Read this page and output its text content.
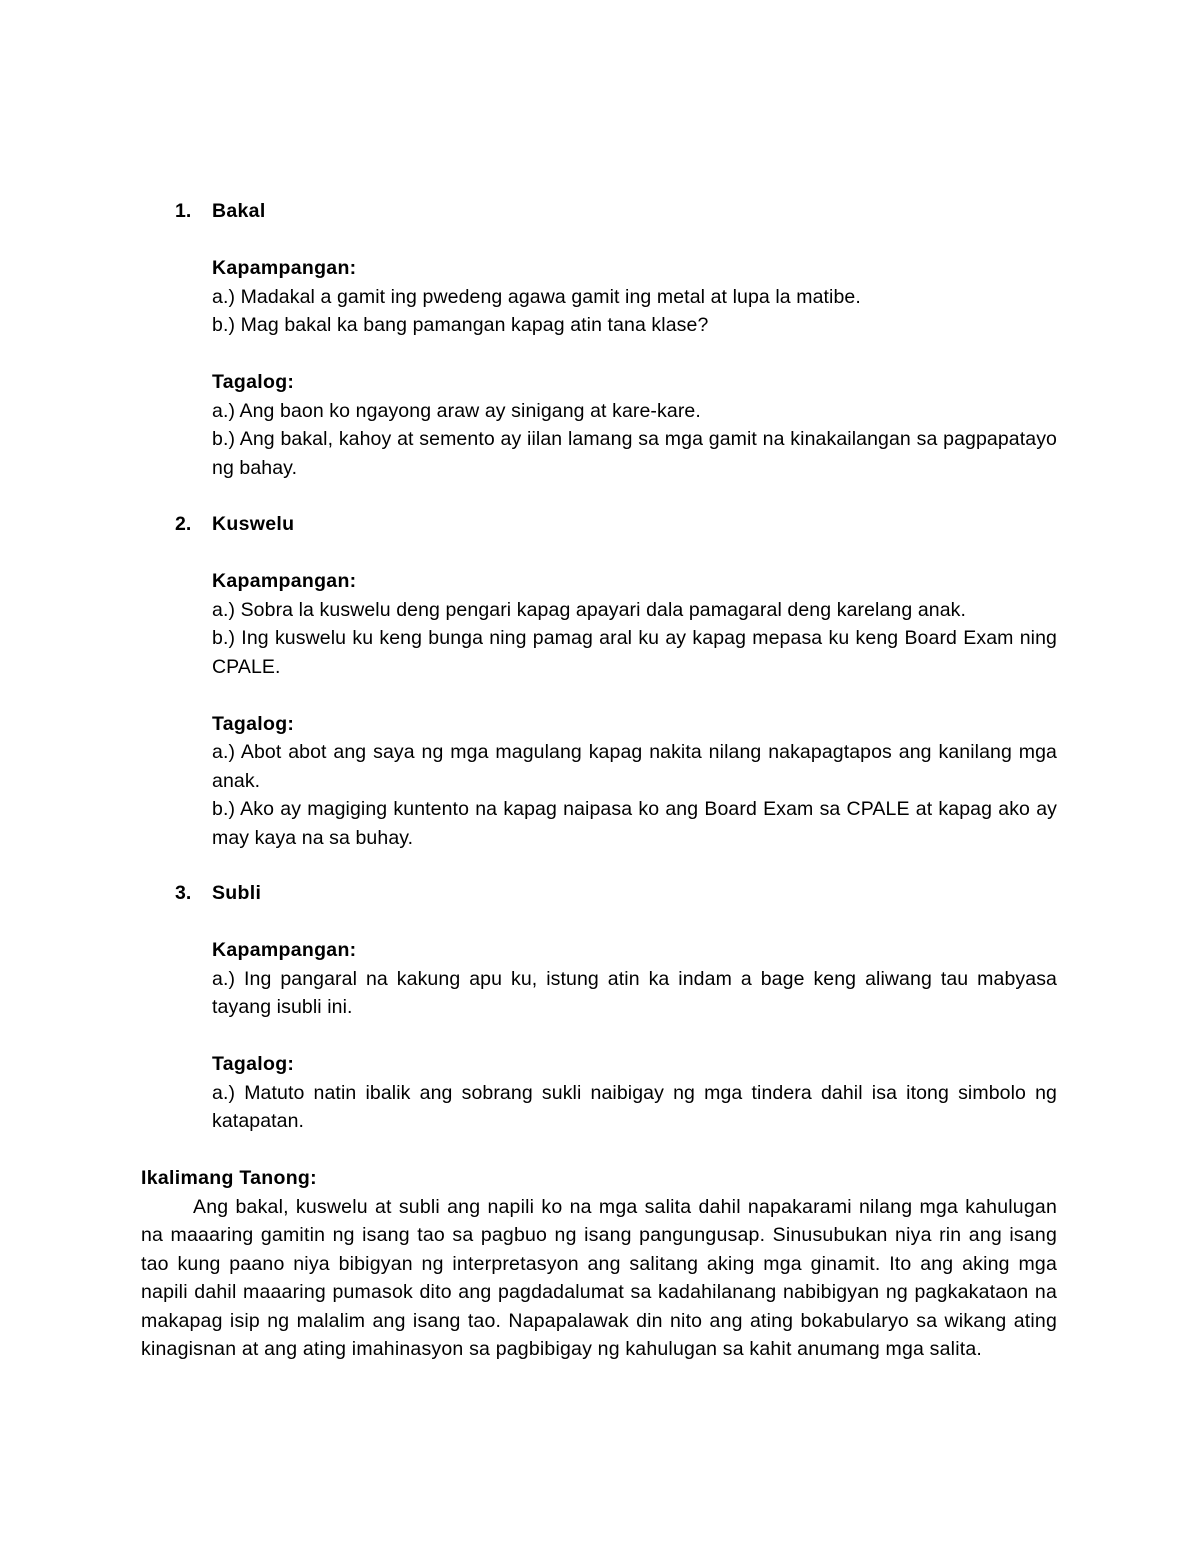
1.	Bakal
Kapampangan:
a.) Madakal a gamit ing pwedeng agawa gamit ing metal at lupa la matibe.
b.) Mag bakal ka bang pamangan kapag atin tana klase?
Tagalog:
a.) Ang baon ko ngayong araw ay sinigang at kare-kare.
b.) Ang bakal, kahoy at semento ay iilan lamang sa mga gamit na kinakailangan sa pagpapatayo ng bahay.
2.	Kuswelu
Kapampangan:
a.) Sobra la kuswelu deng pengari kapag apayari dala pamagaral deng karelang anak.
b.) Ing kuswelu ku keng bunga ning pamag aral ku ay kapag mepasa ku keng Board Exam ning CPALE.
Tagalog:
a.) Abot abot ang saya ng mga magulang kapag nakita nilang nakapagtapos ang kanilang mga anak.
b.) Ako ay magiging kuntento na kapag naipasa ko ang Board Exam sa CPALE at kapag ako ay may kaya na sa buhay.
3.	Subli
Kapampangan:
a.) Ing pangaral na kakung apu ku, istung atin ka indam a bage keng aliwang tau mabyasa tayang isubli ini.
Tagalog:
a.) Matuto natin ibalik ang sobrang sukli naibigay ng mga tindera dahil isa itong simbolo ng katapatan.
Ikalimang Tanong:
Ang bakal, kuswelu at subli ang napili ko na mga salita dahil napakarami nilang mga kahulugan na maaaring gamitin ng isang tao sa pagbuo ng isang pangungusap. Sinusubukan niya rin ang isang tao kung paano niya bibigyan ng interpretasyon ang salitang aking mga ginamit. Ito ang aking mga napili dahil maaaring pumasok dito ang pagdadalumat sa kadahilanang nabibigyan ng pagkakataon na makapag isip ng malalim ang isang tao. Napapalawak din nito ang ating bokabularyo sa wikang ating kinagisnan at ang ating imahinasyon sa pagbibigay ng kahulugan sa kahit anumang mga salita.
